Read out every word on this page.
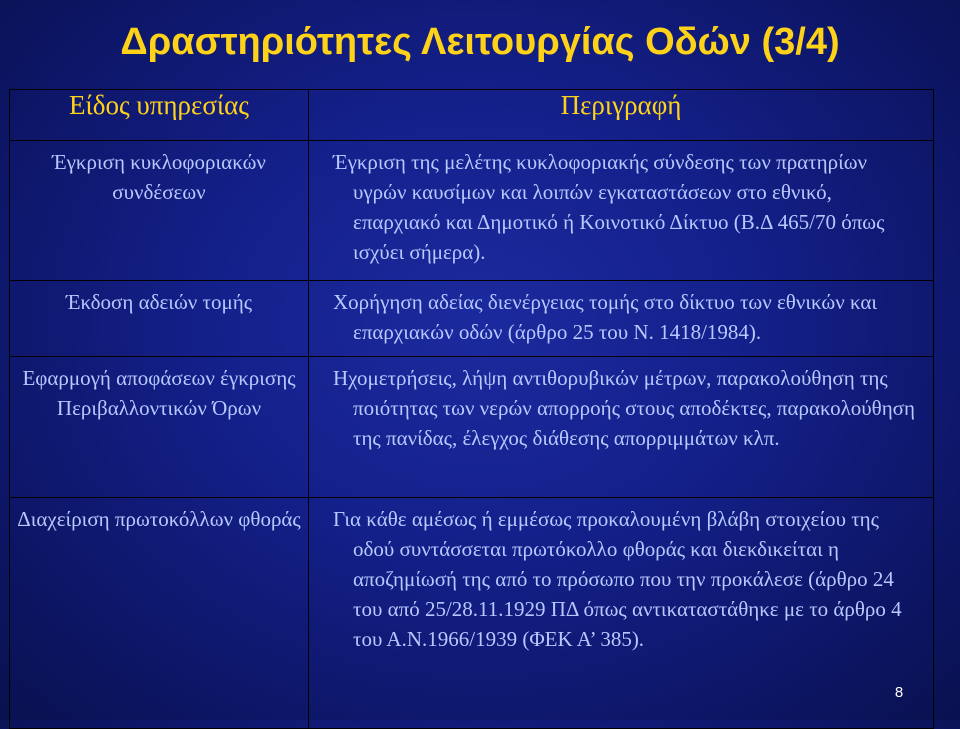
Δραστηριότητες Λειτουργίας Οδών (3/4)
Είδος υπηρεσίας	Περιγραφή
Έγκριση κυκλοφοριακών συνδέσεων	Έγκριση της μελέτης κυκλοφοριακής σύνδεσης των πρατηρίων υγρών καυσίμων και λοιπών εγκαταστάσεων στο εθνικό, επαρχιακό και Δημοτικό ή Κοινοτικό Δίκτυο (Β.Δ 465/70 όπως ισχύει σήμερα).

Έκδοση αδειών τομής	Χορήγηση αδείας διενέργειας τομής στο δίκτυο των εθνικών και επαρχιακών οδών (άρθρο 25 του Ν. 1418/1984).

Εφαρμογή αποφάσεων έγκρισης Περιβαλλοντικών Όρων	Ηχομετρήσεις, λήψη αντιθορυβικών μέτρων, παρακολούθηση της ποιότητας των νερών απορροής στους αποδέκτες, παρακολούθηση της πανίδας, έλεγχος διάθεσης απορριμμάτων κλπ.

Διαχείριση πρωτοκόλλων φθοράς	Για κάθε αμέσως ή εμμέσως προκαλουμένη βλάβη στοιχείου της οδού συντάσσεται πρωτόκολλο φθοράς και διεκδικείται η αποζημίωσή της από το πρόσωπο που την προκάλεσε (άρθρο 24 του από 25/28.11.1929 ΠΔ όπως αντικαταστάθηκε με το άρθρο 4 του Α.Ν.1966/1939 (ΦΕΚ Α’ 385).
8
